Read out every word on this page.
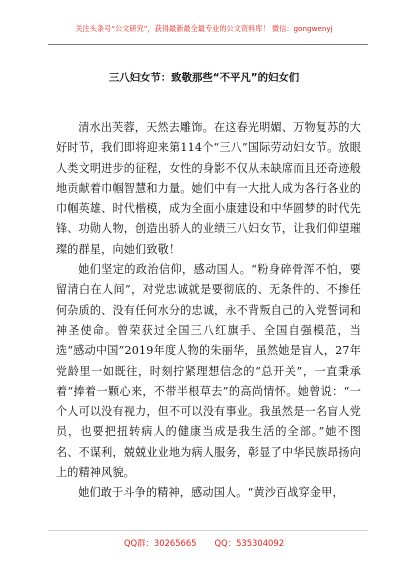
关注头条号“公文研究”，获得最新最全最专业的公文资料库！ 微信：gongwenyj
三八妇女节：致敬那些“不平凡”的妇女们

清水出芙蓉，天然去雕饰。在这春光明媚、万物复苏的大好时节，我们即将迎来第114个“三八”国际劳动妇女节。放眼人类文明进步的征程，女性的身影不仅从未缺席而且还奇迹般地贡献着巾帼智慧和力量。她们中有一大批人成为各行各业的巾帼英雄、时代楷模，成为全面小康建设和中华圆梦的时代先锋、功勋人物，创造出骄人的业绩三八妇女节，让我们仰望璀璨的群星，向她们致敬！

她们坚定的政治信仰，感动国人。“粉身碎骨浑不怕，要留清白在人间”，对党忠诚就是要彻底的、无条件的、不掺任何杂质的、没有任何水分的忠诚，永不背叛自己的入党誓词和神圣使命。曾荣获过全国三八红旗手、全国自强模范，当选“感动中国”2019年度人物的朱丽华，虽然她是盲人，27年党龄里一如既往，时刻拧紧理想信念的“总开关”，一直秉承着“捧着一颗心来，不带半根草去”的高尚情怀。她曾说：“一个人可以没有视力，但不可以没有事业。我虽然是一名盲人党员，也要把扭转病人的健康当成是我生活的全部。”她不图名、不谋利，兢兢业业地为病人服务，彰显了中华民族昂扬向上的精神风貌。

她们敢于斗争的精神，感动国人。“黄沙百战穿金甲，

QQ群：30265665 QQ：535304092
